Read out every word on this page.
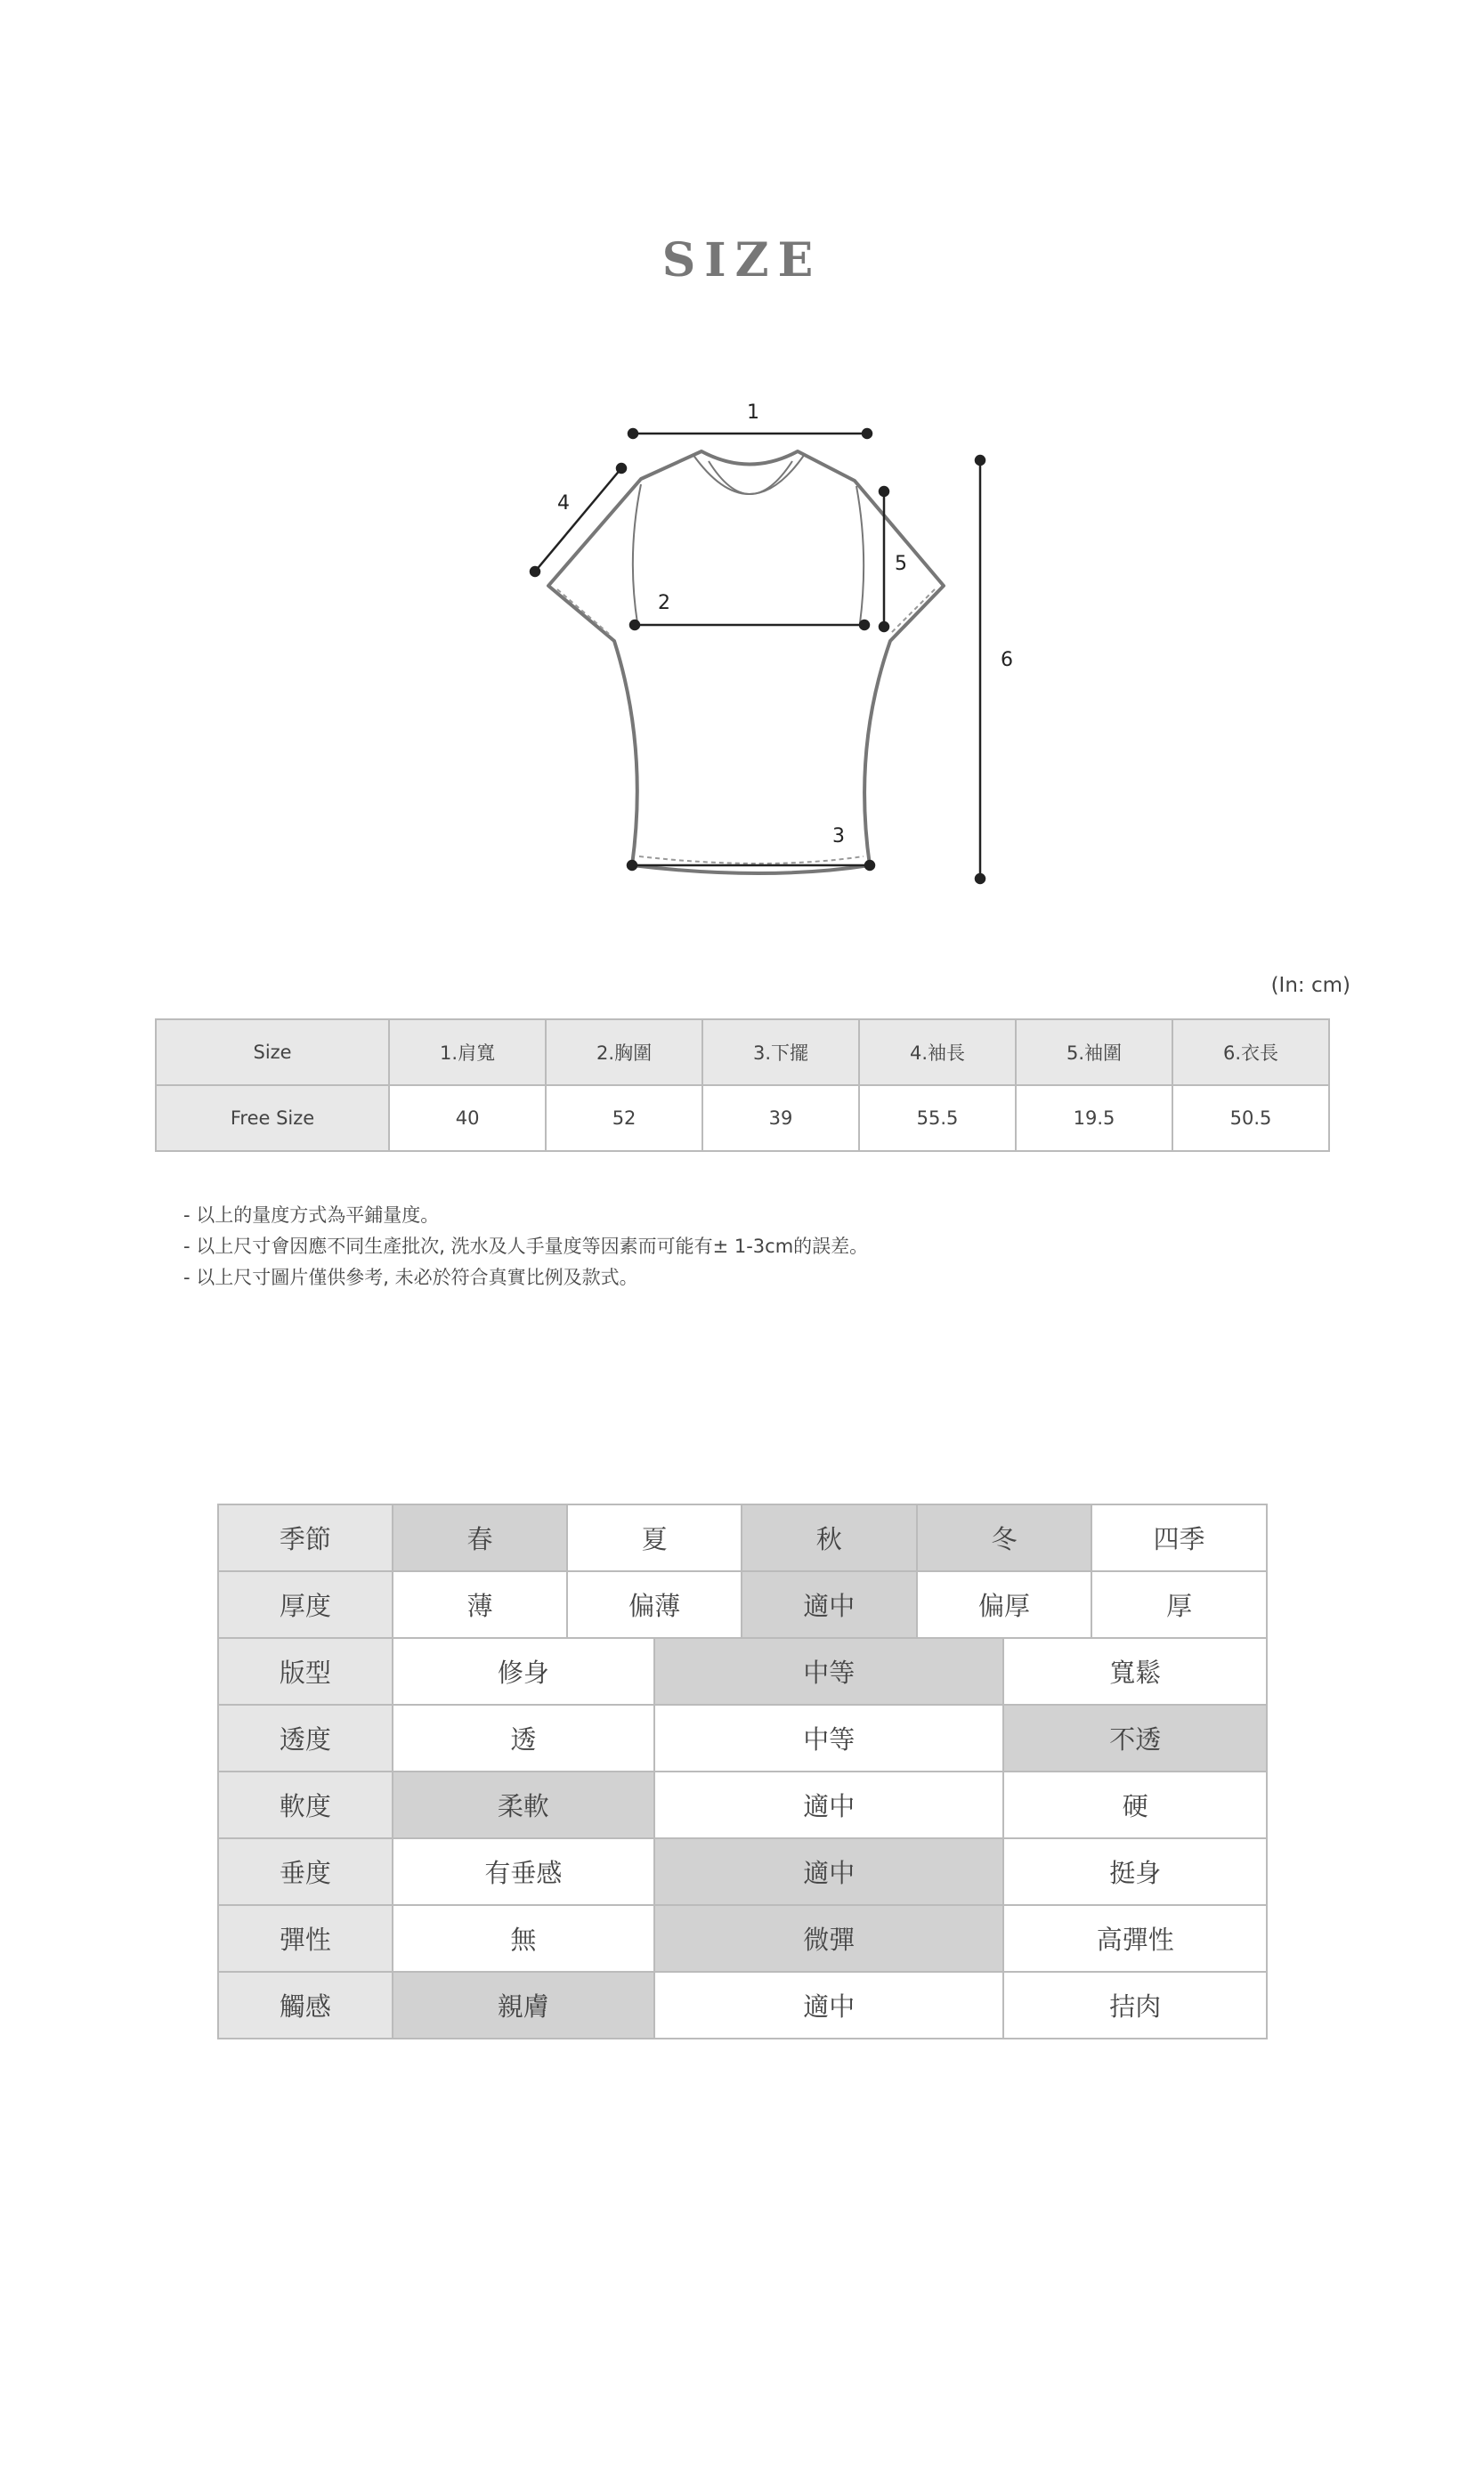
SIZE
1
2
3
4
5
6
(In: cm)
Size	1.肩寬	2.胸圍	3.下擺	4.袖長	5.袖圍	6.衣長
Free Size	40	52	39	55.5	19.5	50.5
- 以上的量度方式為平鋪量度。
- 以上尺寸會因應不同生產批次, 洗水及人手量度等因素而可能有± 1-3cm的誤差。
- 以上尺寸圖片僅供參考, 未必於符合真實比例及款式。
季節	春	夏		秋	冬		四季
厚度	薄	偏薄		適中	偏厚		厚
版型	修身		中等			寬鬆	
透度	透		中等			不透	
軟度	柔軟		適中			硬	
垂度	有垂感		適中			挺身	
彈性	無		微彈			高彈性	
觸感	親膚		適中			拮肉	
